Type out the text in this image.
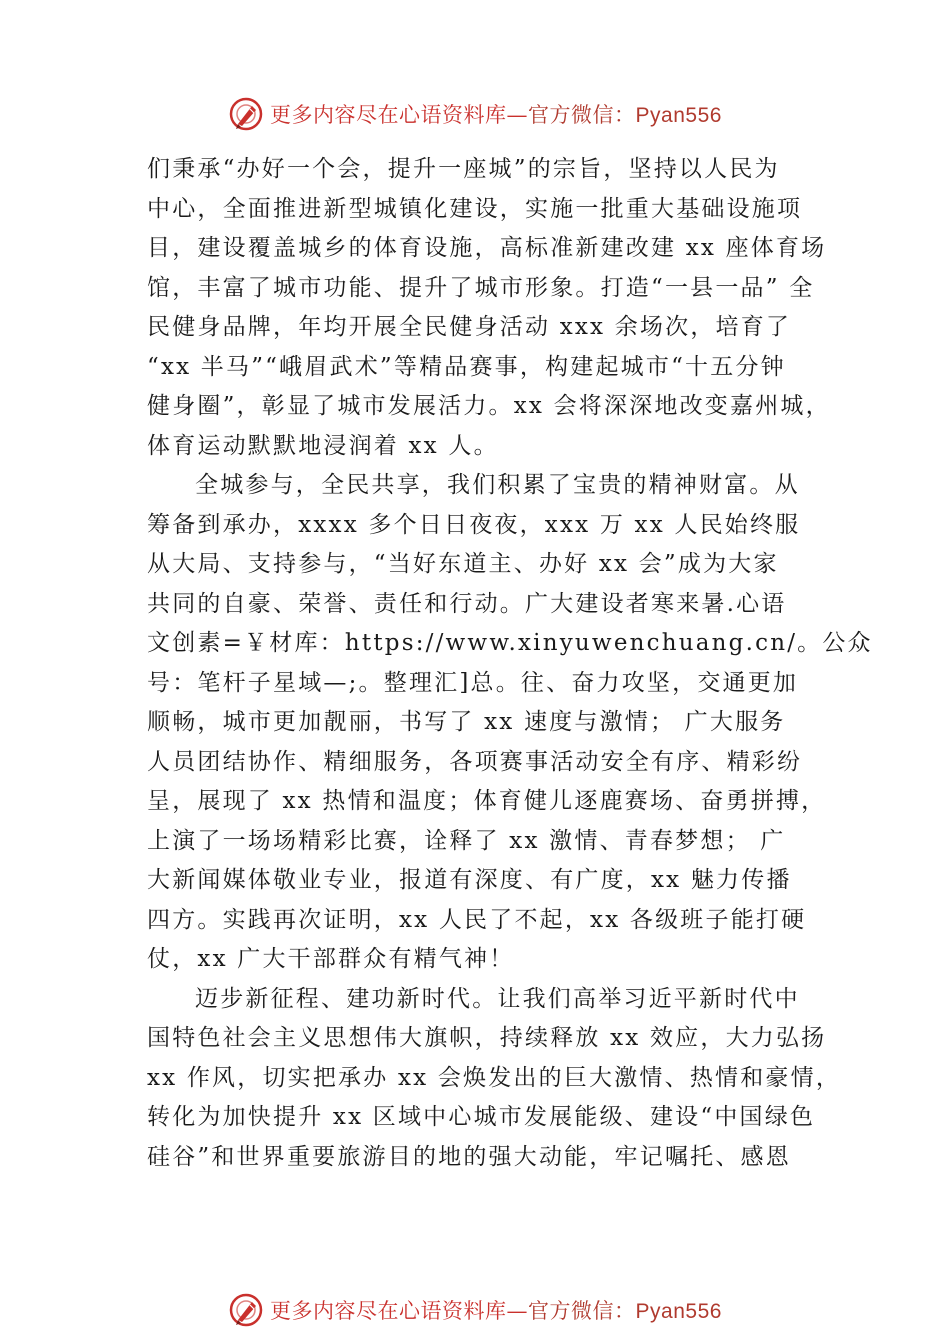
更多内容尽在心语资料库—官方微信：Pyan556
们秉承“办好一个会，提升一座城”的宗旨，坚持以人民为
中心，全面推进新型城镇化建设，实施一批重大基础设施项
目，建设覆盖城乡的体育设施，高标准新建改建 xx 座体育场
馆，丰富了城市功能、提升了城市形象。打造“一县一品” 全
民健身品牌，年均开展全民健身活动 xxx 余场次，培育了
“xx 半马”“峨眉武术”等精品赛事，构建起城市“十五分钟
健身圈”，彰显了城市发展活力。xx 会将深深地改变嘉州城，
体育运动默默地浸润着 xx 人。
全城参与，全民共享，我们积累了宝贵的精神财富。从
筹备到承办，xxxx 多个日日夜夜，xxx 万 xx 人民始终服
从大局、支持参与，“当好东道主、办好 xx 会”成为大家
共同的自豪、荣誉、责任和行动。广大建设者寒来暑.心语
文创素=￥材库：https://www.xinyuwenchuang.cn/。公众
号：笔杆子星域—;。整理汇]总。往、奋力攻坚，交通更加
顺畅，城市更加靓丽，书写了 xx 速度与激情； 广大服务
人员团结协作、精细服务，各项赛事活动安全有序、精彩纷
呈，展现了 xx 热情和温度；体育健儿逐鹿赛场、奋勇拼搏，
上演了一场场精彩比赛，诠释了 xx 激情、青春梦想； 广
大新闻媒体敬业专业，报道有深度、有广度，xx 魅力传播
四方。实践再次证明，xx 人民了不起，xx 各级班子能打硬
仗，xx 广大干部群众有精气神！
迈步新征程、建功新时代。让我们高举习近平新时代中
国特色社会主义思想伟大旗帜，持续释放 xx 效应，大力弘扬
xx 作风，切实把承办 xx 会焕发出的巨大激情、热情和豪情，
转化为加快提升 xx 区域中心城市发展能级、建设“中国绿色
硅谷”和世界重要旅游目的地的强大动能，牢记嘱托、感恩
更多内容尽在心语资料库—官方微信：Pyan556
